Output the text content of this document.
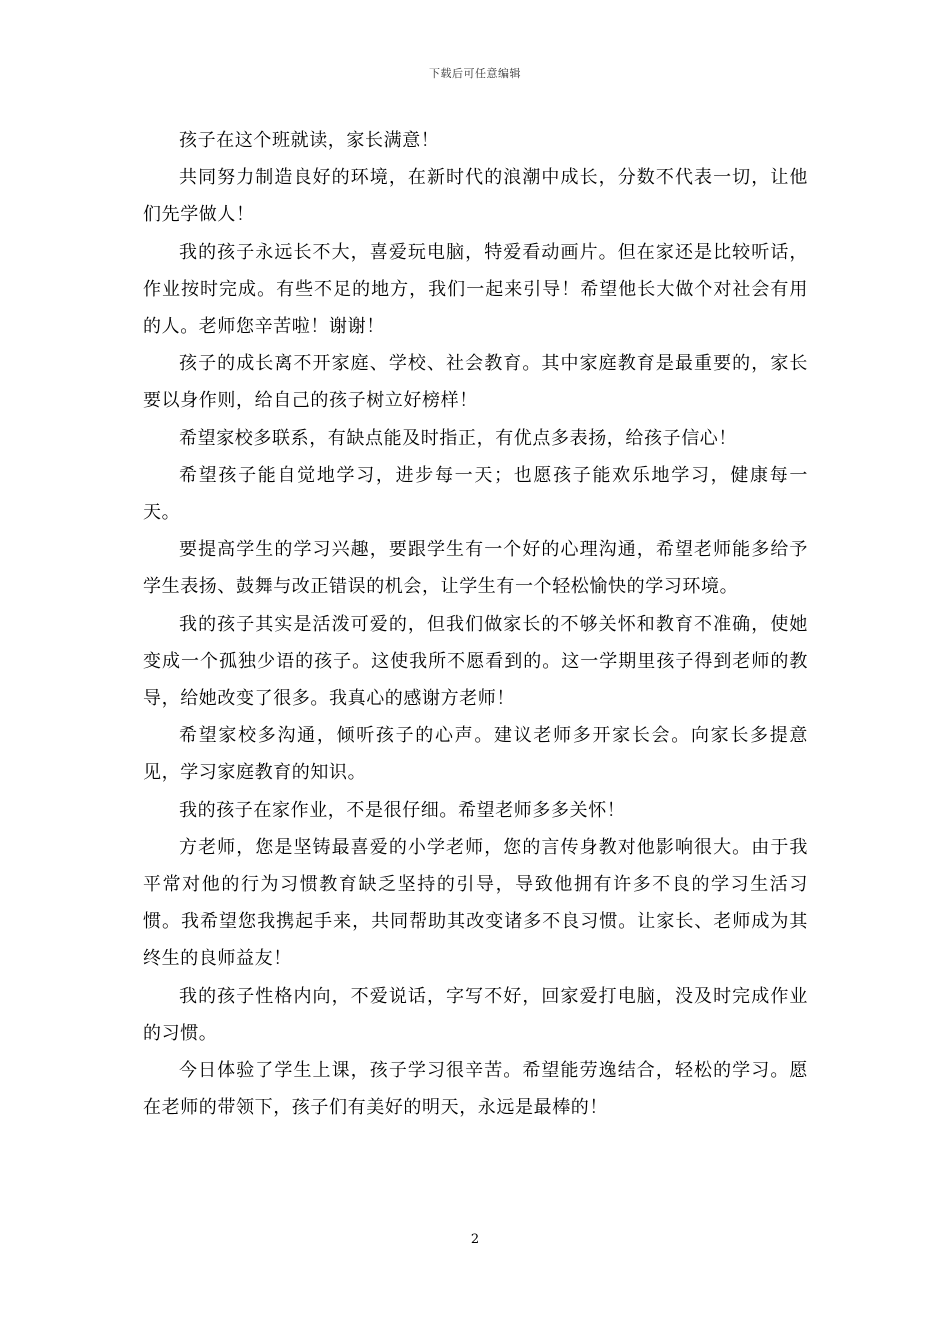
下载后可任意编辑

孩子在这个班就读，家长满意！

共同努力制造良好的环境，在新时代的浪潮中成长，分数不代表一切，让他们先学做人！

我的孩子永远长不大，喜爱玩电脑，特爱看动画片。但在家还是比较听话，作业按时完成。有些不足的地方，我们一起来引导！希望他长大做个对社会有用的人。老师您辛苦啦！谢谢！

孩子的成长离不开家庭、学校、社会教育。其中家庭教育是最重要的，家长要以身作则，给自己的孩子树立好榜样！

希望家校多联系，有缺点能及时指正，有优点多表扬，给孩子信心！

希望孩子能自觉地学习，进步每一天；也愿孩子能欢乐地学习，健康每一天。

要提高学生的学习兴趣，要跟学生有一个好的心理沟通，希望老师能多给予学生表扬、鼓舞与改正错误的机会，让学生有一个轻松愉快的学习环境。

我的孩子其实是活泼可爱的，但我们做家长的不够关怀和教育不准确，使她变成一个孤独少语的孩子。这使我所不愿看到的。这一学期里孩子得到老师的教导，给她改变了很多。我真心的感谢方老师！

希望家校多沟通，倾听孩子的心声。建议老师多开家长会。向家长多提意见，学习家庭教育的知识。

我的孩子在家作业，不是很仔细。希望老师多多关怀！

方老师，您是坚铸最喜爱的小学老师，您的言传身教对他影响很大。由于我平常对他的行为习惯教育缺乏坚持的引导，导致他拥有许多不良的学习生活习惯。我希望您我携起手来，共同帮助其改变诸多不良习惯。让家长、老师成为其终生的良师益友！

我的孩子性格内向，不爱说话，字写不好，回家爱打电脑，没及时完成作业的习惯。

今日体验了学生上课，孩子学习很辛苦。希望能劳逸结合，轻松的学习。愿在老师的带领下，孩子们有美好的明天，永远是最棒的！

2
